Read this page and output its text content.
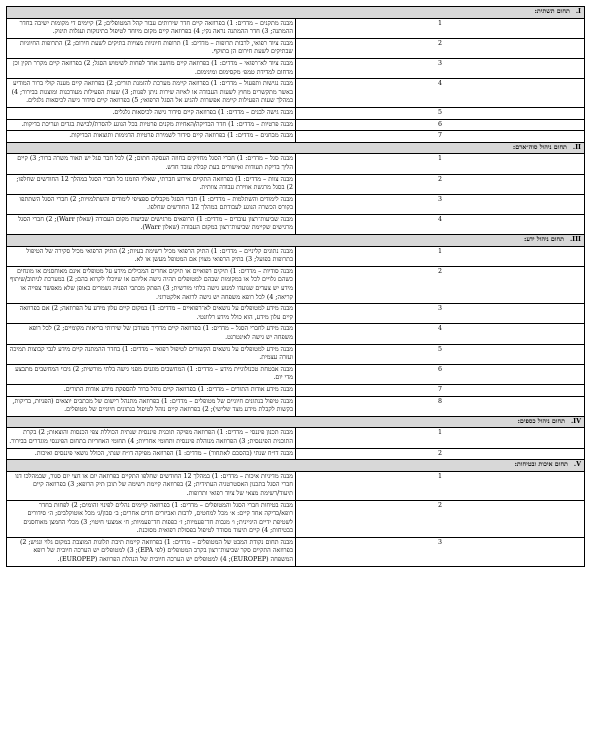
I.תחום תשתית:	
1	מבנה מתקנים – מדדים: 1) בפרוזאה קיים חדר שירותים עבור קהל המטופלים; 2) קיימים די מקומות ישיבה בחדר ההמתנה; 3) חדר ההמתנה נראה נקי; 4) בפרוזאה קיים מקום מיוחד לטיפול בתינוקות ועגלות תינוק.
2	מבנה ציוד רפואי, לרבות תרופות – מדדים: 1) תרופות חיוניות מצויות בתיקים לשעת חירום; 2) התרופות החיוניות שבתיקים לשעת חירום הן בתוקף.
3	מבנה ציוד לא־רפואי – מדדים: 1) בפרוזאה קיים מחשב אחד לפחות לשימוש הסגל; 2) בפרוזאה קיים מקרר תקין וכן מדחום למדידת טמפ׳ מקסימום ומינימום.
4	מבנה נגישות ותפעול – מדדים: 1) בפרוזאה קיימת מערכת להזמנת תורים; 2) בפרוזאה קיים מענה קולי ברור המודיע באשר מתקשרים מחוץ לשעות העבודה או לאיזה שירות ניתן לפנות; 3) שעות הפעילות מעודכנות ומוצגות בבירור; 4) במהלך שעות הפעילות קיימת אפשרות להגיע אל הסגל הרפואי; 5) בפרוזאה קיים סידור גישה לכיסאות גלגלים.
5	מבנה גישה לבנים – מדדים: 1) בפרוזאה קיים סידור גישה לכיסאות גלגלים.
6	מבנה פרטיות – מדדים: 1) חדר הבדיקה/האחיות מקנים פרטיות בכל הנוגע להסרת/לבישת בגדים ועריכת בדיקות.
7	מבנה מבחנים – מדדים: 1) בפרוזאה קיים סידור לשמירת פרטיות הדגימות ותוצאות הבדיקות.
II.תחום ניהול סוה״ארם:	
1	מבנה סגל – מדדים: 1) חברי הסגל מחזיקים בחוזה העסקה חתום; 2) לכל חבר סגל יש תאור משרה ברור; 3) קיים הליך בדיקת תעודות ואישורים בעת קבלת עובד חדש.
2	מבנה צוות – מדדים: 1) בפרוזאה התקיים אירוע חברתי, שאליו הוזמנו כל חברי הסגל במהלך 12 החודשים שחלפו; 2) בסגל מרגשת אווירת עבודה צוותית.
3	מבנה לימודים והשתלמות – מדדים: 1) חברי הסגל מקבלים ספציפי לימודים והשתלמויות; 2) חברי הסגל השתתפו בקורס הכשרה הנוגע לעבודתם במהלך 12 החודשים שחלפו.
4	מבנה שביעות־רצון עובדים – מדדים: 1) הרופאים מרגישים שביעות מקום העבודה (שאלון Warr); 2) חברי הסגל מרגישים שקיימת שביעות־רצון במקום העבודה (שאלון Warr).
III.תחום ניהול ידע:	
1	מבנה נתונים קליניים – מדדים: 1) התיק הרפואי מכיל רשימת בעיות; 2) התיק הרפואי מכיל סקירה של הטיפול בתרופות בפועל; 3) בתיק הרפואי מצוין אם המטופל מעשן או לא.
2	מבנה סודיות – מדדים: 1) תיקים רפואיים או תיקים אחרים המכילים מידע על מטופלים אינם מאוחסנים או מונחים כשהם גלויים לכל או במקומות שבהם למטופלים תהיה גישה אליהם או שיוכלו לקרוא בהם; 2) במערכת לניתוב/שיתוף מידע יש צעדים שנועדו למנוע גישה בלתי מורשית; 3) הפתק מכתבי הפניה נשמרים באופן שלא מאפשר צפייה או קריאה; 4) לכל רופא משפחה יש גישה לרואה אלקטרוני.
3	מבנה מידע למטופלים על נושאים לא־רפואיים – מדדים: 1) במקום קיים עלון מידע על הפרוזאה; 2) אם בפרוזאה קיים עלון מידע, הוא כולל מידע רלוונטי.
4	מבנה מידע לחברי הסגל – מדדים: 1) בפרוזאה קיים מדריך מעודכן של שירותי בריאות מקומיים; 2) לכל רופא משפחה יש גישה לאינטרנט.
5	מבנה מידע למטופלים על נושאים הקשורים לטיפול רפואי – מדדים: 1) בחדר ההמתנה קיים מידע לגבי קבוצות תמיכה ועזרה עצמית.
6	מבנה אבטחת טכנולוגיית מידע – מדדים: 1) המחשבים מוגנים מפני גישה בלתי מורשית; 2) גיבוי המחשבים מתבצע מדי יום.
7	מבנה מידע אודות התורים – מדדים: 1) בפרוזאה קיים נוהל ברור להספקת מידע אודות התורים.
8	מבנה טיפול בנתונים חיוניים של מטופלים – מדדים: 1) בפרוזאה מתנהל רישום של מכתבים יוצאים (הפניות, בדיקות, בקשות לקבלת מידע מצד שלישי); 2) בפרוזאה קיים נוהל לטיפול בנתונים חיוניים של מטופלים.
IV.תחום ניהול כספים:	
1	מבנה תכנון פיננסי – מדדים: 1) הפרוזאה מפיקה תוכנית פיננסית שנתית הכוללת צפי הכנסות והוצאות; 2) בקרת התוכנית הפיננסית; 3) הפרוזאה מנוהלת פיננסית ותחומי אחריות; 4) תחומי האחריות בתחום הפיננסי מוגדרים בבירור.
2	מבנה דו״ח שנתי (בהסכם לאתחור) – מדדים: 1) הפרוזאה מפיקה דו״ח שנתי, הכולל נושאי פיננסים ואיכות.
V.תחום איכות ובטיחות:	
1	מבנה מדיניות איכות – מדדים: 1) במהלך 12 החודשים שחלפו התקיים בפרוזאה יום או חצי יום סגור, שבמהלכו דנו חברי הסגל בתכנון האסטרטגיה העתידית; 2) בפרוזאה קיימת רשימה של תוכן תיק הרופא; 3) בפרוזאה קיים תיעוד/רשימת מצאי של ציוד רפואי ותרופות.
2	מבנה בטיחות חברי הסגל והמטופלים – מדדים: 1) בפרוזאה קיימים נהלים לפינוי זהומים; 2) לפחות בחדר רופא/בדיקה אחד קיים: א׳ מכל למחטים, לרבות ואביזרים חדים אחרים; ב׳ סבון/ג׳ מכל אוטוקלבים; ה׳ סידורים לשטיפת ידיים היגיינית; ו׳ מגבות חד־פעמיות; ז׳ כפפות חד־פעמיות; ח׳ אמצעי חיטוי; 3) מכלי החמצן מאוחסנים בבטיחות; 4) קיים תיעוד מסודר לטיפול בפסולת רפואית מסוכנת.
3	מבנה תחום נקודת המבט של המטופלים – מדדים: 1) בפרוזאה קיימת תיבת תלונות המוצבת במקום גלוי ונגיש; 2) בפרוזאה התקיים סקר שביעות־רצון בקרב המטופלים (לפי EPA); 3) למטופלים יש הערכה חיובית של רופא המשפחה (EUROPEP); 4) למטופלים יש הערכה חיובית של הנהלת הפרוזאה (EUROPEP).
